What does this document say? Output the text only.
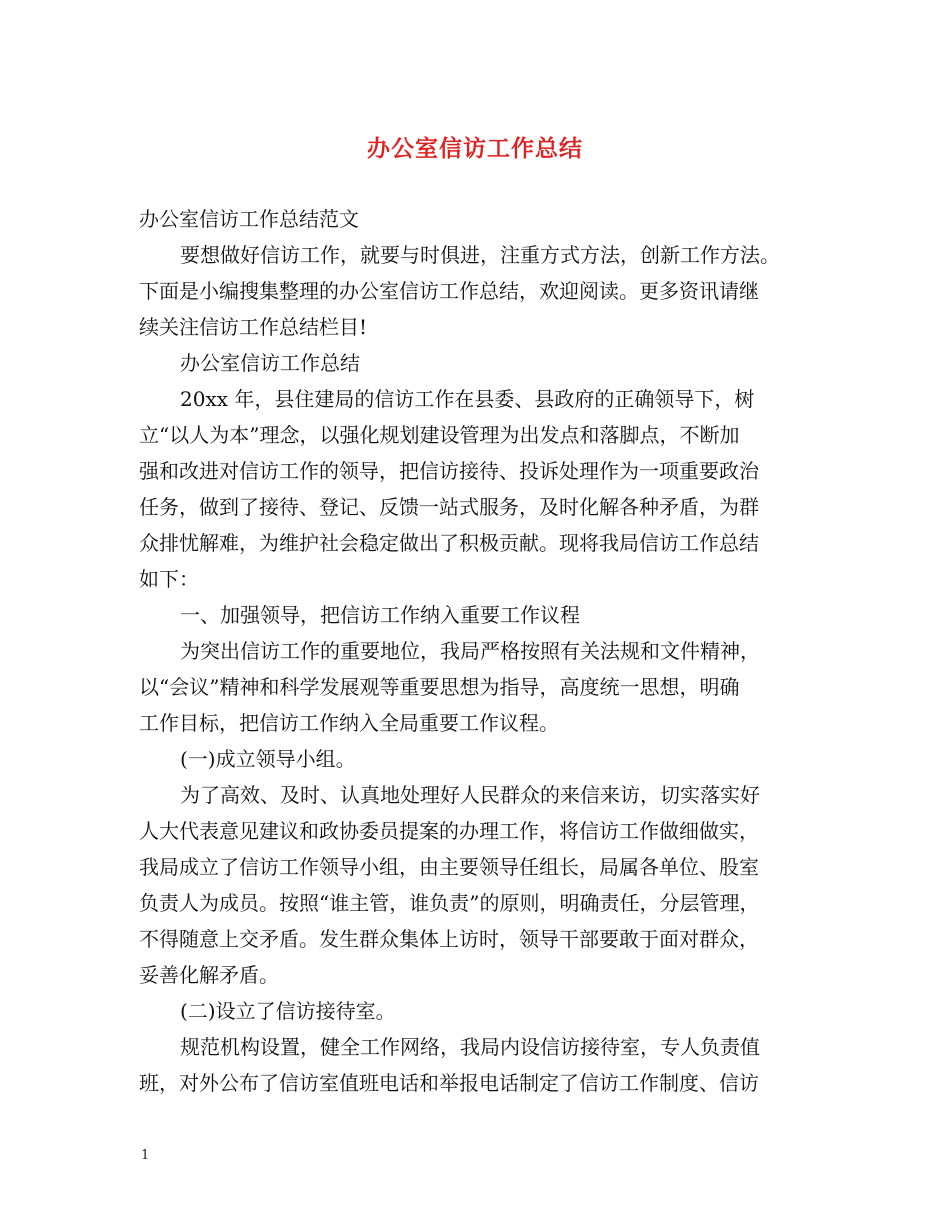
办公室信访工作总结
办公室信访工作总结范文
要想做好信访工作，就要与时俱进，注重方式方法，创新工作方法。
下面是小编搜集整理的办公室信访工作总结，欢迎阅读。更多资讯请继
续关注信访工作总结栏目!
办公室信访工作总结
20xx 年，县住建局的信访工作在县委、县政府的正确领导下，树
立“以人为本”理念，以强化规划建设管理为出发点和落脚点，不断加
强和改进对信访工作的领导，把信访接待、投诉处理作为一项重要政治
任务，做到了接待、登记、反馈一站式服务，及时化解各种矛盾，为群
众排忧解难，为维护社会稳定做出了积极贡献。现将我局信访工作总结
如下：
一、加强领导，把信访工作纳入重要工作议程
为突出信访工作的重要地位，我局严格按照有关法规和文件精神，
以“会议”精神和科学发展观等重要思想为指导，高度统一思想，明确
工作目标，把信访工作纳入全局重要工作议程。
(一)成立领导小组。
为了高效、及时、认真地处理好人民群众的来信来访，切实落实好
人大代表意见建议和政协委员提案的办理工作，将信访工作做细做实，
我局成立了信访工作领导小组，由主要领导任组长，局属各单位、股室
负责人为成员。按照“谁主管，谁负责”的原则，明确责任，分层管理，
不得随意上交矛盾。发生群众集体上访时，领导干部要敢于面对群众，
妥善化解矛盾。
(二)设立了信访接待室。
规范机构设置，健全工作网络，我局内设信访接待室，专人负责值
班，对外公布了信访室值班电话和举报电话制定了信访工作制度、信访
1
